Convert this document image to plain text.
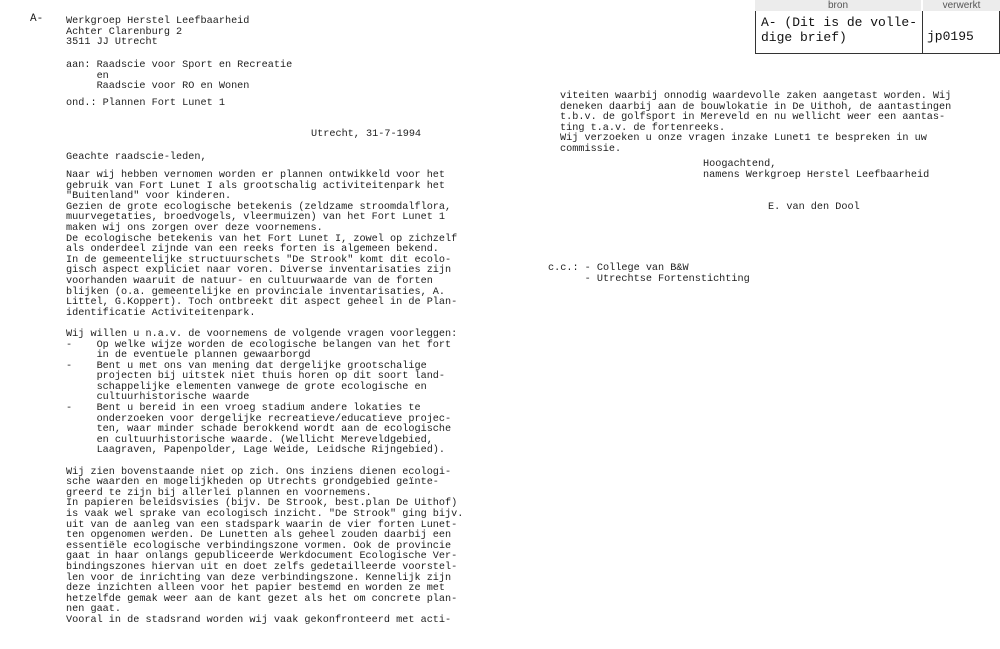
A-
bron	verwerkt
A- (Dit is de volle-
dige brief)	jp0195
Werkgroep Herstel Leefbaarheid
Achter Clarenburg 2
3511 JJ Utrecht
aan: Raadscie voor Sport en Recreatie
en
Raadscie voor RO en Wonen
ond.: Plannen Fort Lunet 1
Utrecht, 31-7-1994
Geachte raadscie-leden,
Naar wij hebben vernomen worden er plannen ontwikkeld voor het
gebruik van Fort Lunet I als grootschalig activiteitenpark het
"Buitenland" voor kinderen.
Gezien de grote ecologische betekenis (zeldzame stroomdalflora,
muurvegetaties, broedvogels, vleermuizen) van het Fort Lunet 1
maken wij ons zorgen over deze voornemens.
De ecologische betekenis van het Fort Lunet I, zowel op zichzelf
als onderdeel zijnde van een reeks forten is algemeen bekend.
In de gemeentelijke structuurschets "De Strook" komt dit ecolo-
gisch aspect expliciet naar voren. Diverse inventarisaties zijn
voorhanden waaruit de natuur- en cultuurwaarde van de forten
blijken (o.a. gemeentelijke en provinciale inventarisaties, A.
Littel, G.Koppert). Toch ontbreekt dit aspect geheel in de Plan-
identificatie Activiteitenpark.

Wij willen u n.a.v. de voornemens de volgende vragen voorleggen:
-    Op welke wijze worden de ecologische belangen van het fort
in de eventuele plannen gewaarborgd
-    Bent u met ons van mening dat dergelijke grootschalige
projecten bij uitstek niet thuis horen op dit soort land-
schappelijke elementen vanwege de grote ecologische en
cultuurhistorische waarde
-    Bent u bereid in een vroeg stadium andere lokaties te
onderzoeken voor dergelijke recreatieve/educatieve projec-
ten, waar minder schade berokkend wordt aan de ecologische
en cultuurhistorische waarde. (Wellicht Mereveldgebied,
Laagraven, Papenpolder, Lage Weide, Leidsche Rijngebied).

Wij zien bovenstaande niet op zich. Ons inziens dienen ecologi-
sche waarden en mogelijkheden op Utrechts grondgebied geïnte-
greerd te zijn bij allerlei plannen en voornemens.
In papieren beleidsvisies (bijv. De Strook, best.plan De Uithof)
is vaak wel sprake van ecologisch inzicht. "De Strook" ging bijv.
uit van de aanleg van een stadspark waarin de vier forten Lunet-
ten opgenomen werden. De Lunetten als geheel zouden daarbij een
essentiële ecologische verbindingszone vormen. Ook de provincie
gaat in haar onlangs gepubliceerde Werkdocument Ecologische Ver-
bindingszones hiervan uit en doet zelfs gedetailleerde voorstel-
len voor de inrichting van deze verbindingszone. Kennelijk zijn
deze inzichten alleen voor het papier bestemd en worden ze met
hetzelfde gemak weer aan de kant gezet als het om concrete plan-
nen gaat.
Vooral in de stadsrand worden wij vaak gekonfronteerd met acti-
viteiten waarbij onnodig waardevolle zaken aangetast worden. Wij
deneken daarbij aan de bouwlokatie in De Uithoh, de aantastingen
t.b.v. de golfsport in Mereveld en nu wellicht weer een aantas-
ting t.a.v. de fortenreeks.
Wij verzoeken u onze vragen inzake Lunet1 te bespreken in uw
commissie.
Hoogachtend,
namens Werkgroep Herstel Leefbaarheid
E. van den Dool
c.c.: - College van B&W
- Utrechtse Fortenstichting
